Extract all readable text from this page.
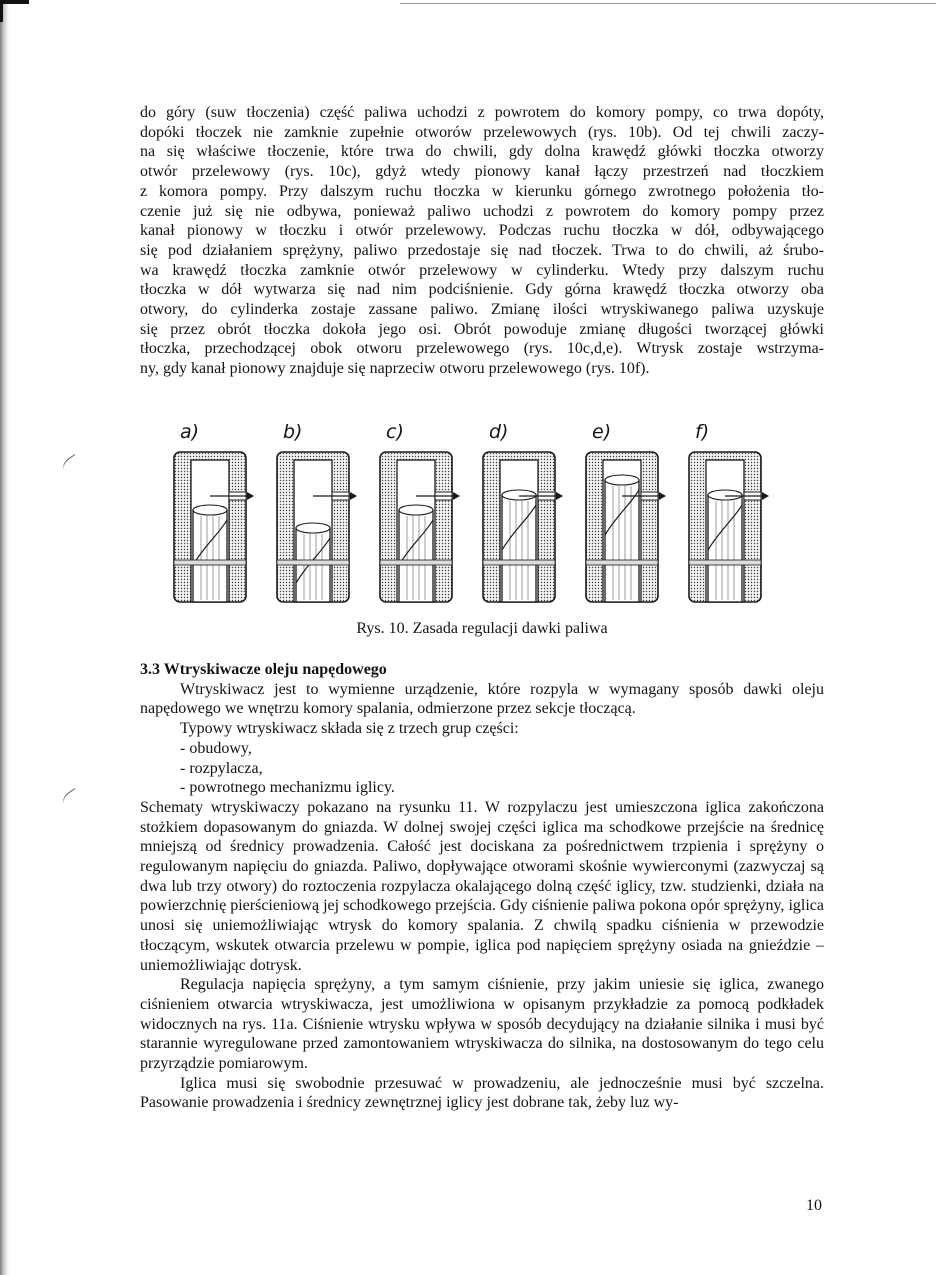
do góry (suw tłoczenia) część paliwa uchodzi z powrotem do komory pompy, co trwa dopóty,
dopóki tłoczek nie zamknie zupełnie otworów przelewowych (rys. 10b). Od tej chwili zaczy-
na się właściwe tłoczenie, które trwa do chwili, gdy dolna krawędź główki tłoczka otworzy
otwór przelewowy (rys. 10c), gdyż wtedy pionowy kanał łączy przestrzeń nad tłoczkiem
z komora pompy. Przy dalszym ruchu tłoczka w kierunku górnego zwrotnego położenia tło-
czenie już się nie odbywa, ponieważ paliwo uchodzi z powrotem do komory pompy przez
kanał pionowy w tłoczku i otwór przelewowy. Podczas ruchu tłoczka w dół, odbywającego
się pod działaniem sprężyny, paliwo przedostaje się nad tłoczek. Trwa to do chwili, aż śrubo-
wa krawędź tłoczka zamknie otwór przelewowy w cylinderku. Wtedy przy dalszym ruchu
tłoczka w dół wytwarza się nad nim podciśnienie. Gdy górna krawędź tłoczka otworzy oba
otwory, do cylinderka zostaje zassane paliwo. Zmianę ilości wtryskiwanego paliwa uzyskuje
się przez obrót tłoczka dokoła jego osi. Obrót powoduje zmianę długości tworzącej główki
tłoczka, przechodzącej obok otworu przelewowego (rys. 10c,d,e). Wtrysk zostaje wstrzyma-
ny, gdy kanał pionowy znajduje się naprzeciw otworu przelewowego (rys. 10f).
a)	b)	c)	d)	e)	f)
Rys. 10. Zasada regulacji dawki paliwa

3.3 Wtryskiwacze oleju napędowego

Wtryskiwacz jest to wymienne urządzenie, które rozpyla w wymagany sposób dawki oleju napędowego we wnętrzu komory spalania, odmierzone przez sekcje tłoczącą.

Typowy wtryskiwacz składa się z trzech grup części:

- obudowy,

- rozpylacza,

- powrotnego mechanizmu iglicy.

Schematy wtryskiwaczy pokazano na rysunku 11. W rozpylaczu jest umieszczona iglica zakończona stożkiem dopasowanym do gniazda. W dolnej swojej części iglica ma schodkowe przejście na średnicę mniejszą od średnicy prowadzenia. Całość jest dociskana za pośrednictwem trzpienia i sprężyny o regulowanym napięciu do gniazda. Paliwo, dopływające otworami skośnie wywierconymi (zazwyczaj są dwa lub trzy otwory) do roztoczenia rozpylacza okalającego dolną część iglicy, tzw. studzienki, działa na powierzchnię pierścieniową jej schodkowego przejścia. Gdy ciśnienie paliwa pokona opór sprężyny, iglica unosi się uniemożliwiając wtrysk do komory spalania. Z chwilą spadku ciśnienia w przewodzie tłoczącym, wskutek otwarcia przelewu w pompie, iglica pod napięciem sprężyny osiada na gnieździe – uniemożliwiając dotrysk.

Regulacja napięcia sprężyny, a tym samym ciśnienie, przy jakim uniesie się iglica, zwanego ciśnieniem otwarcia wtryskiwacza, jest umożliwiona w opisanym przykładzie za pomocą podkładek widocznych na rys. 11a. Ciśnienie wtrysku wpływa w sposób decydujący na działanie silnika i musi być starannie wyregulowane przed zamontowaniem wtryskiwacza do silnika, na dostosowanym do tego celu przyrządzie pomiarowym.

Iglica musi się swobodnie przesuwać w prowadzeniu, ale jednocześnie musi być szczelna. Pasowanie prowadzenia i średnicy zewnętrznej iglicy jest dobrane tak, żeby luz wy-

10
